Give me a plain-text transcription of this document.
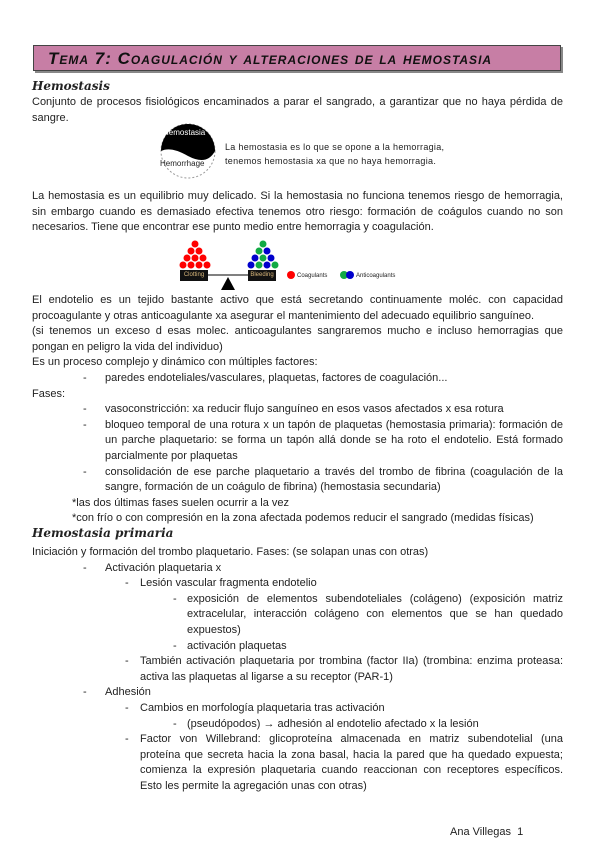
Tema 7: Coagulación y alteraciones de la hemostasia
Hemostasis
Conjunto de procesos fisiológicos encaminados a parar el sangrado, a garantizar que no haya pérdida de sangre.
Hemostasia
Hemorrhage
La hemostasia es lo que se opone a la hemorragia,
tenemos hemostasia xa que no haya hemorragia.
La hemostasia es un equilibrio muy delicado. Si la hemostasia no funciona tenemos riesgo de hemorragia, sin embargo cuando es demasiado efectiva tenemos otro riesgo: formación de coágulos cuando no son necesarios. Tiene que encontrar ese punto medio entre hemorragia y coagulación.
Clotting	Bleeding	Coagulants	Anticoagulants
El endotelio es un tejido bastante activo que está secretando continuamente moléc. con capacidad procoagulante y otras anticoagulante xa asegurar el mantenimiento del adecuado equilibrio sanguíneo.
(si tenemos un exceso d esas molec. anticoagulantes sangraremos mucho e incluso hemorragias que pongan en peligro la vida del individuo)
Es un proceso complejo y dinámico con múltiples factores:
- paredes endoteliales/vasculares, plaquetas, factores de coagulación...
Fases:
- vasoconstricción: xa reducir flujo sanguíneo en esos vasos afectados x esa rotura
- bloqueo temporal de una rotura x un tapón de plaquetas (hemostasia primaria): formación de un parche plaquetario: se forma un tapón allá donde se ha roto el endotelio. Está formado parcialmente por plaquetas
- consolidación de ese parche plaquetario a través del trombo de fibrina (coagulación de la sangre, formación de un coágulo de fibrina) (hemostasia secundaria)
*las dos últimas fases suelen ocurrir a la vez
*con frío o con compresión en la zona afectada podemos reducir el sangrado (medidas físicas)
Hemostasia primaria
Iniciación y formación del trombo plaquetario. Fases: (se solapan unas con otras)
- Activación plaquetaria x
- Lesión vascular fragmenta endotelio
- exposición de elementos subendoteliales (colágeno) (exposición matriz extracelular, interacción colágeno con elementos que se han quedado expuestos)
- activación plaquetas
- También activación plaquetaria por trombina (factor IIa) (trombina: enzima proteasa: activa las plaquetas al ligarse a su receptor (PAR-1)
- Adhesión
- Cambios en morfología plaquetaria tras activación
- (pseudópodos) → adhesión al endotelio afectado x la lesión
- Factor von Willebrand: glicoproteína almacenada en matriz subendotelial (una proteína que secreta hacia la zona basal, hacia la pared que ha quedado expuesta; comienza la expresión plaquetaria cuando reaccionan con receptores específicos. Esto les permite la agregación unas con otras)
Ana Villegas  1
